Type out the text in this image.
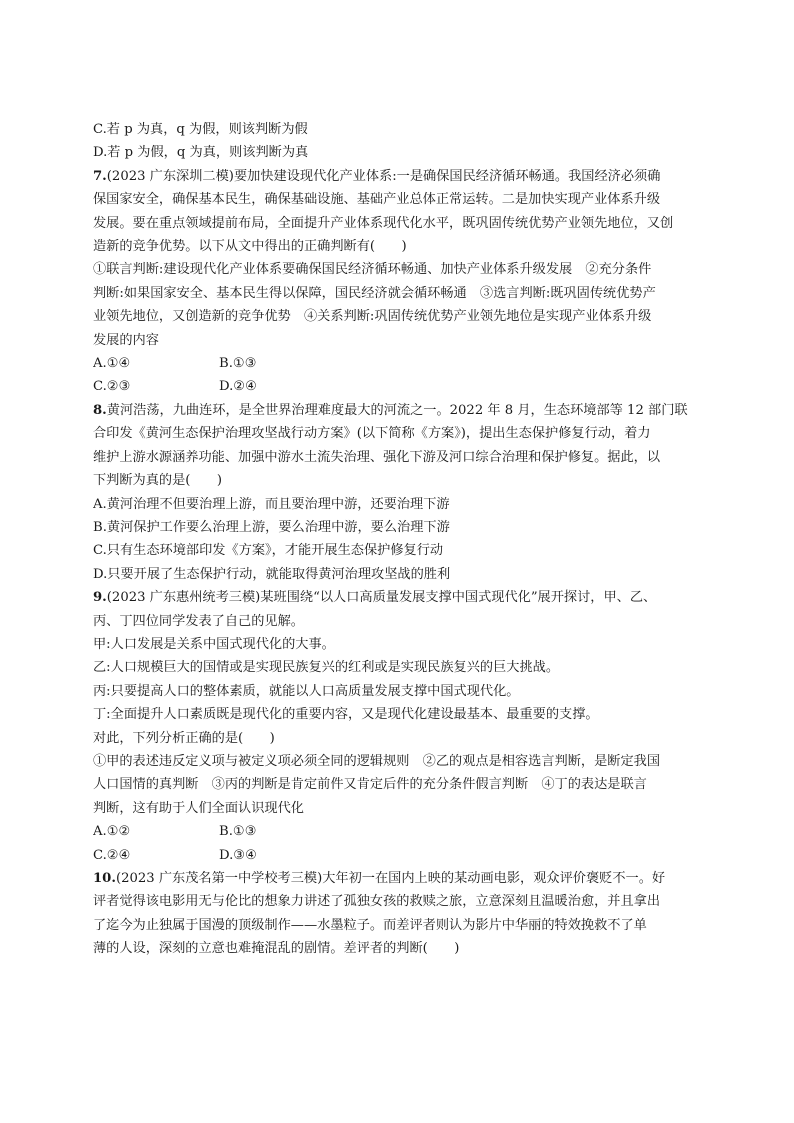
C.若 p 为真，q 为假，则该判断为假
D.若 p 为假，q 为真，则该判断为真
7.(2023 广东深圳二模)要加快建设现代化产业体系:一是确保国民经济循环畅通。我国经济必须确
保国家安全，确保基本民生，确保基础设施、基础产业总体正常运转。二是加快实现产业体系升级
发展。要在重点领域提前布局，全面提升产业体系现代化水平，既巩固传统优势产业领先地位，又创
造新的竞争优势。以下从文中得出的正确判断有(　　)
①联言判断:建设现代化产业体系要确保国民经济循环畅通、加快产业体系升级发展　②充分条件
判断:如果国家安全、基本民生得以保障，国民经济就会循环畅通　③选言判断:既巩固传统优势产
业领先地位，又创造新的竞争优势　④关系判断:巩固传统优势产业领先地位是实现产业体系升级
发展的内容
A.①④	B.①③
C.②③	D.②④
8.黄河浩荡，九曲连环，是全世界治理难度最大的河流之一。2022 年 8 月，生态环境部等 12 部门联
合印发《黄河生态保护治理攻坚战行动方案》(以下简称《方案》)，提出生态保护修复行动，着力
维护上游水源涵养功能、加强中游水土流失治理、强化下游及河口综合治理和保护修复。据此，以
下判断为真的是(　　)
A.黄河治理不但要治理上游，而且要治理中游，还要治理下游
B.黄河保护工作要么治理上游，要么治理中游，要么治理下游
C.只有生态环境部印发《方案》，才能开展生态保护修复行动
D.只要开展了生态保护行动，就能取得黄河治理攻坚战的胜利
9.(2023 广东惠州统考三模)某班围绕“以人口高质量发展支撑中国式现代化”展开探讨，甲、乙、
丙、丁四位同学发表了自己的见解。
甲:人口发展是关系中国式现代化的大事。
乙:人口规模巨大的国情或是实现民族复兴的红利或是实现民族复兴的巨大挑战。
丙:只要提高人口的整体素质，就能以人口高质量发展支撑中国式现代化。
丁:全面提升人口素质既是现代化的重要内容，又是现代化建设最基本、最重要的支撑。
对此，下列分析正确的是(　　)
①甲的表述违反定义项与被定义项必须全同的逻辑规则　②乙的观点是相容选言判断，是断定我国
人口国情的真判断　③丙的判断是肯定前件又肯定后件的充分条件假言判断　④丁的表达是联言
判断，这有助于人们全面认识现代化
A.①②	B.①③
C.②④	D.③④
10.(2023 广东茂名第一中学校考三模)大年初一在国内上映的某动画电影，观众评价褒贬不一。好
评者觉得该电影用无与伦比的想象力讲述了孤独女孩的救赎之旅，立意深刻且温暖治愈，并且拿出
了迄今为止独属于国漫的顶级制作——水墨粒子。而差评者则认为影片中华丽的特效挽救不了单
薄的人设，深刻的立意也难掩混乱的剧情。差评者的判断(　　)
